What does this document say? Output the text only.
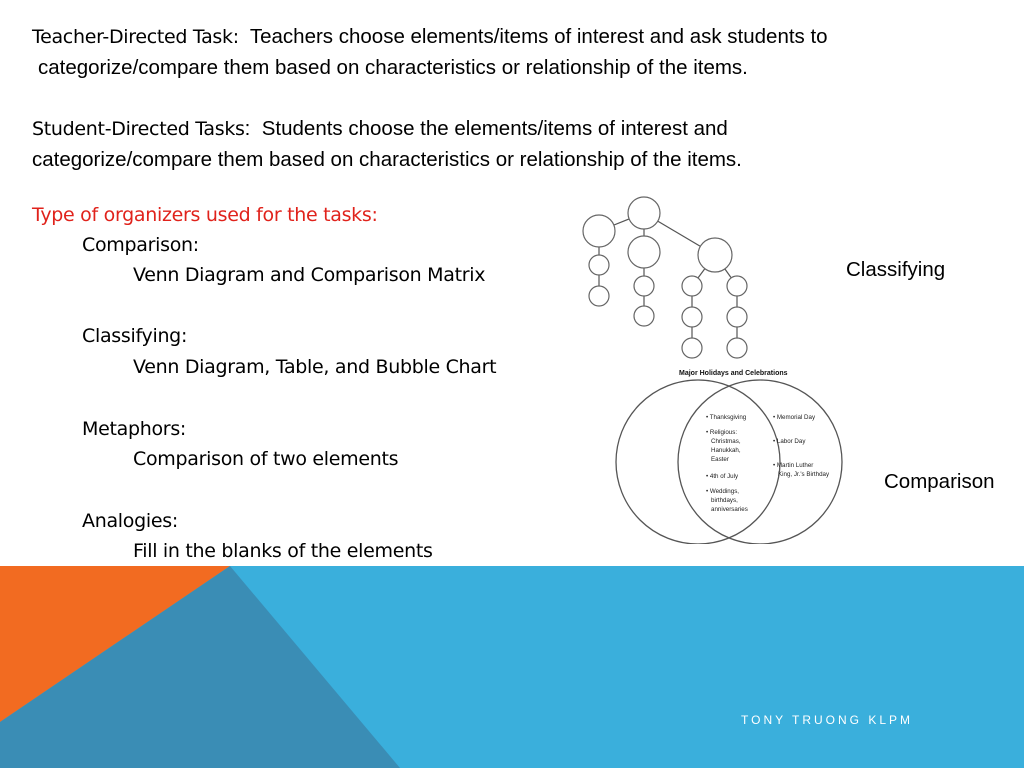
Teacher-Directed Task: Teachers choose elements/items of interest and ask students to
categorize/compare them based on characteristics or relationship of the items.
Student-Directed Tasks: Students choose the elements/items of interest and
categorize/compare them based on characteristics or relationship of the items.
Type of organizers used for the tasks:
Comparison:
Venn Diagram and Comparison Matrix
Classifying:
Venn Diagram, Table, and Bubble Chart
Metaphors:
Comparison of two elements
Analogies:
Fill in the blanks of the elements
Classifying
Comparison
Major Holidays and Celebrations
• Thanksgiving
• Religious:
Christmas,
Hanukkah,
Easter
• 4th of July
• Weddings,
birthdays,
anniversaries
• Memorial Day
• Labor Day
• Martin Luther
King, Jr.'s Birthday
TONY TRUONG KLPM
